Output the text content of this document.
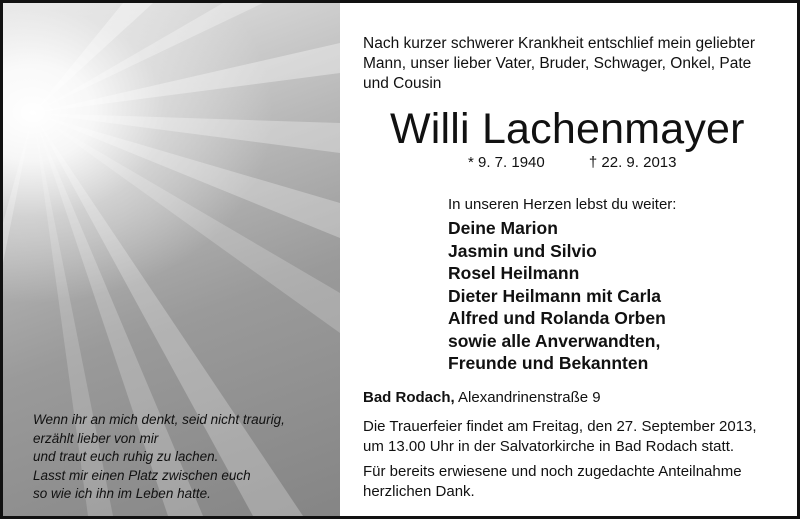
Wenn ihr an mich denkt, seid nicht traurig,
erzählt lieber von mir
und traut euch ruhig zu lachen.
Lasst mir einen Platz zwischen euch
so wie ich ihn im Leben hatte.
Nach kurzer schwerer Krankheit entschlief mein geliebter
Mann, unser lieber Vater, Bruder, Schwager, Onkel, Pate
und Cousin
Willi Lachenmayer
* 9. 7. 1940	† 22. 9. 2013
In unseren Herzen lebst du weiter:
Deine Marion
Jasmin und Silvio
Rosel Heilmann
Dieter Heilmann mit Carla
Alfred und Rolanda Orben
sowie alle Anverwandten,
Freunde und Bekannten
Bad Rodach, Alexandrinenstraße 9
Die Trauerfeier findet am Freitag, den 27. September 2013,
um 13.00 Uhr in der Salvatorkirche in Bad Rodach statt.
Für bereits erwiesene und noch zugedachte Anteilnahme
herzlichen Dank.
